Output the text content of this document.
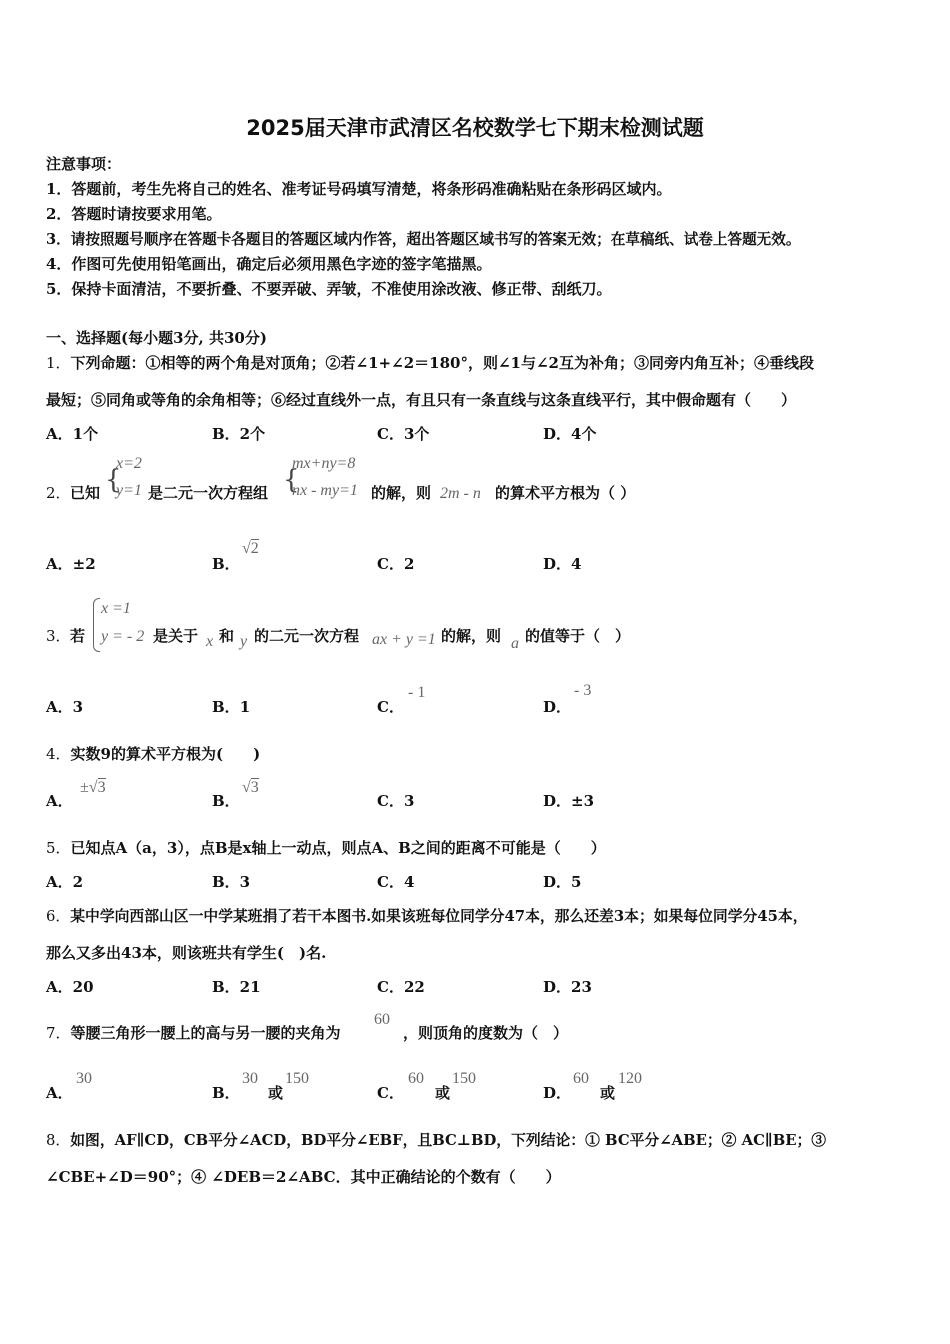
2025届天津市武清区名校数学七下期末检测试题
注意事项：
1．答题前，考生先将自己的姓名、准考证号码填写清楚，将条形码准确粘贴在条形码区域内。
2．答题时请按要求用笔。
3．请按照题号顺序在答题卡各题目的答题区域内作答，超出答题区域书写的答案无效；在草稿纸、试卷上答题无效。
4．作图可先使用铅笔画出，确定后必须用黑色字迹的签字笔描黑。
5．保持卡面清洁，不要折叠、不要弄破、弄皱，不准使用涂改液、修正带、刮纸刀。
一、选择题(每小题3分, 共30分)
1．下列命题：①相等的两个角是对顶角；②若∠1+∠2＝180°，则∠1与∠2互为补角；③同旁内角互补；④垂线段
最短；⑤同角或等角的余角相等；⑥经过直线外一点，有且只有一条直线与这条直线平行，其中假命题有（　　）
A．1个	B．2个	C．3个	D．4个
2． 已知 {
x=2
y=1 是二元一次方程组 {
mx+ny=8
nx - my=1 的解，则 2m - n 的算术平方根为（ ）
A．±2	B．
√2
C．2	D．4
3． 若
x =1
y = - 2 是关于 x 和 y 的二元一次方程 ax + y =1 的解，则 a 的值等于（　）
A．3	B．1	C．
- 1
D．
- 3
4．实数9的算术平方根为(　　)
A．
±√3
B．
√3
C．3	D．±3
5．已知点A（a，3），点B是x轴上一动点，则点A、B之间的距离不可能是（　　）
A．2	B．3	C．4	D．5
6．某中学向西部山区一中学某班捐了若干本图书.如果该班每位同学分47本，那么还差3本；如果每位同学分45本，
那么又多出43本，则该班共有学生(　)名.
A．20	B．21	C．22	D．23
7．等腰三角形一腰上的高与另一腰的夹角为
60
，则顶角的度数为（　）
A．
30
B．
30
或
150
C．
60
或
150
D．
60
或
120
8．如图，AF∥CD，CB平分∠ACD，BD平分∠EBF，且BC⊥BD，下列结论：① BC平分∠ABE；② AC∥BE；③
∠CBE+∠D＝90°；④ ∠DEB＝2∠ABC．其中正确结论的个数有（　　）
